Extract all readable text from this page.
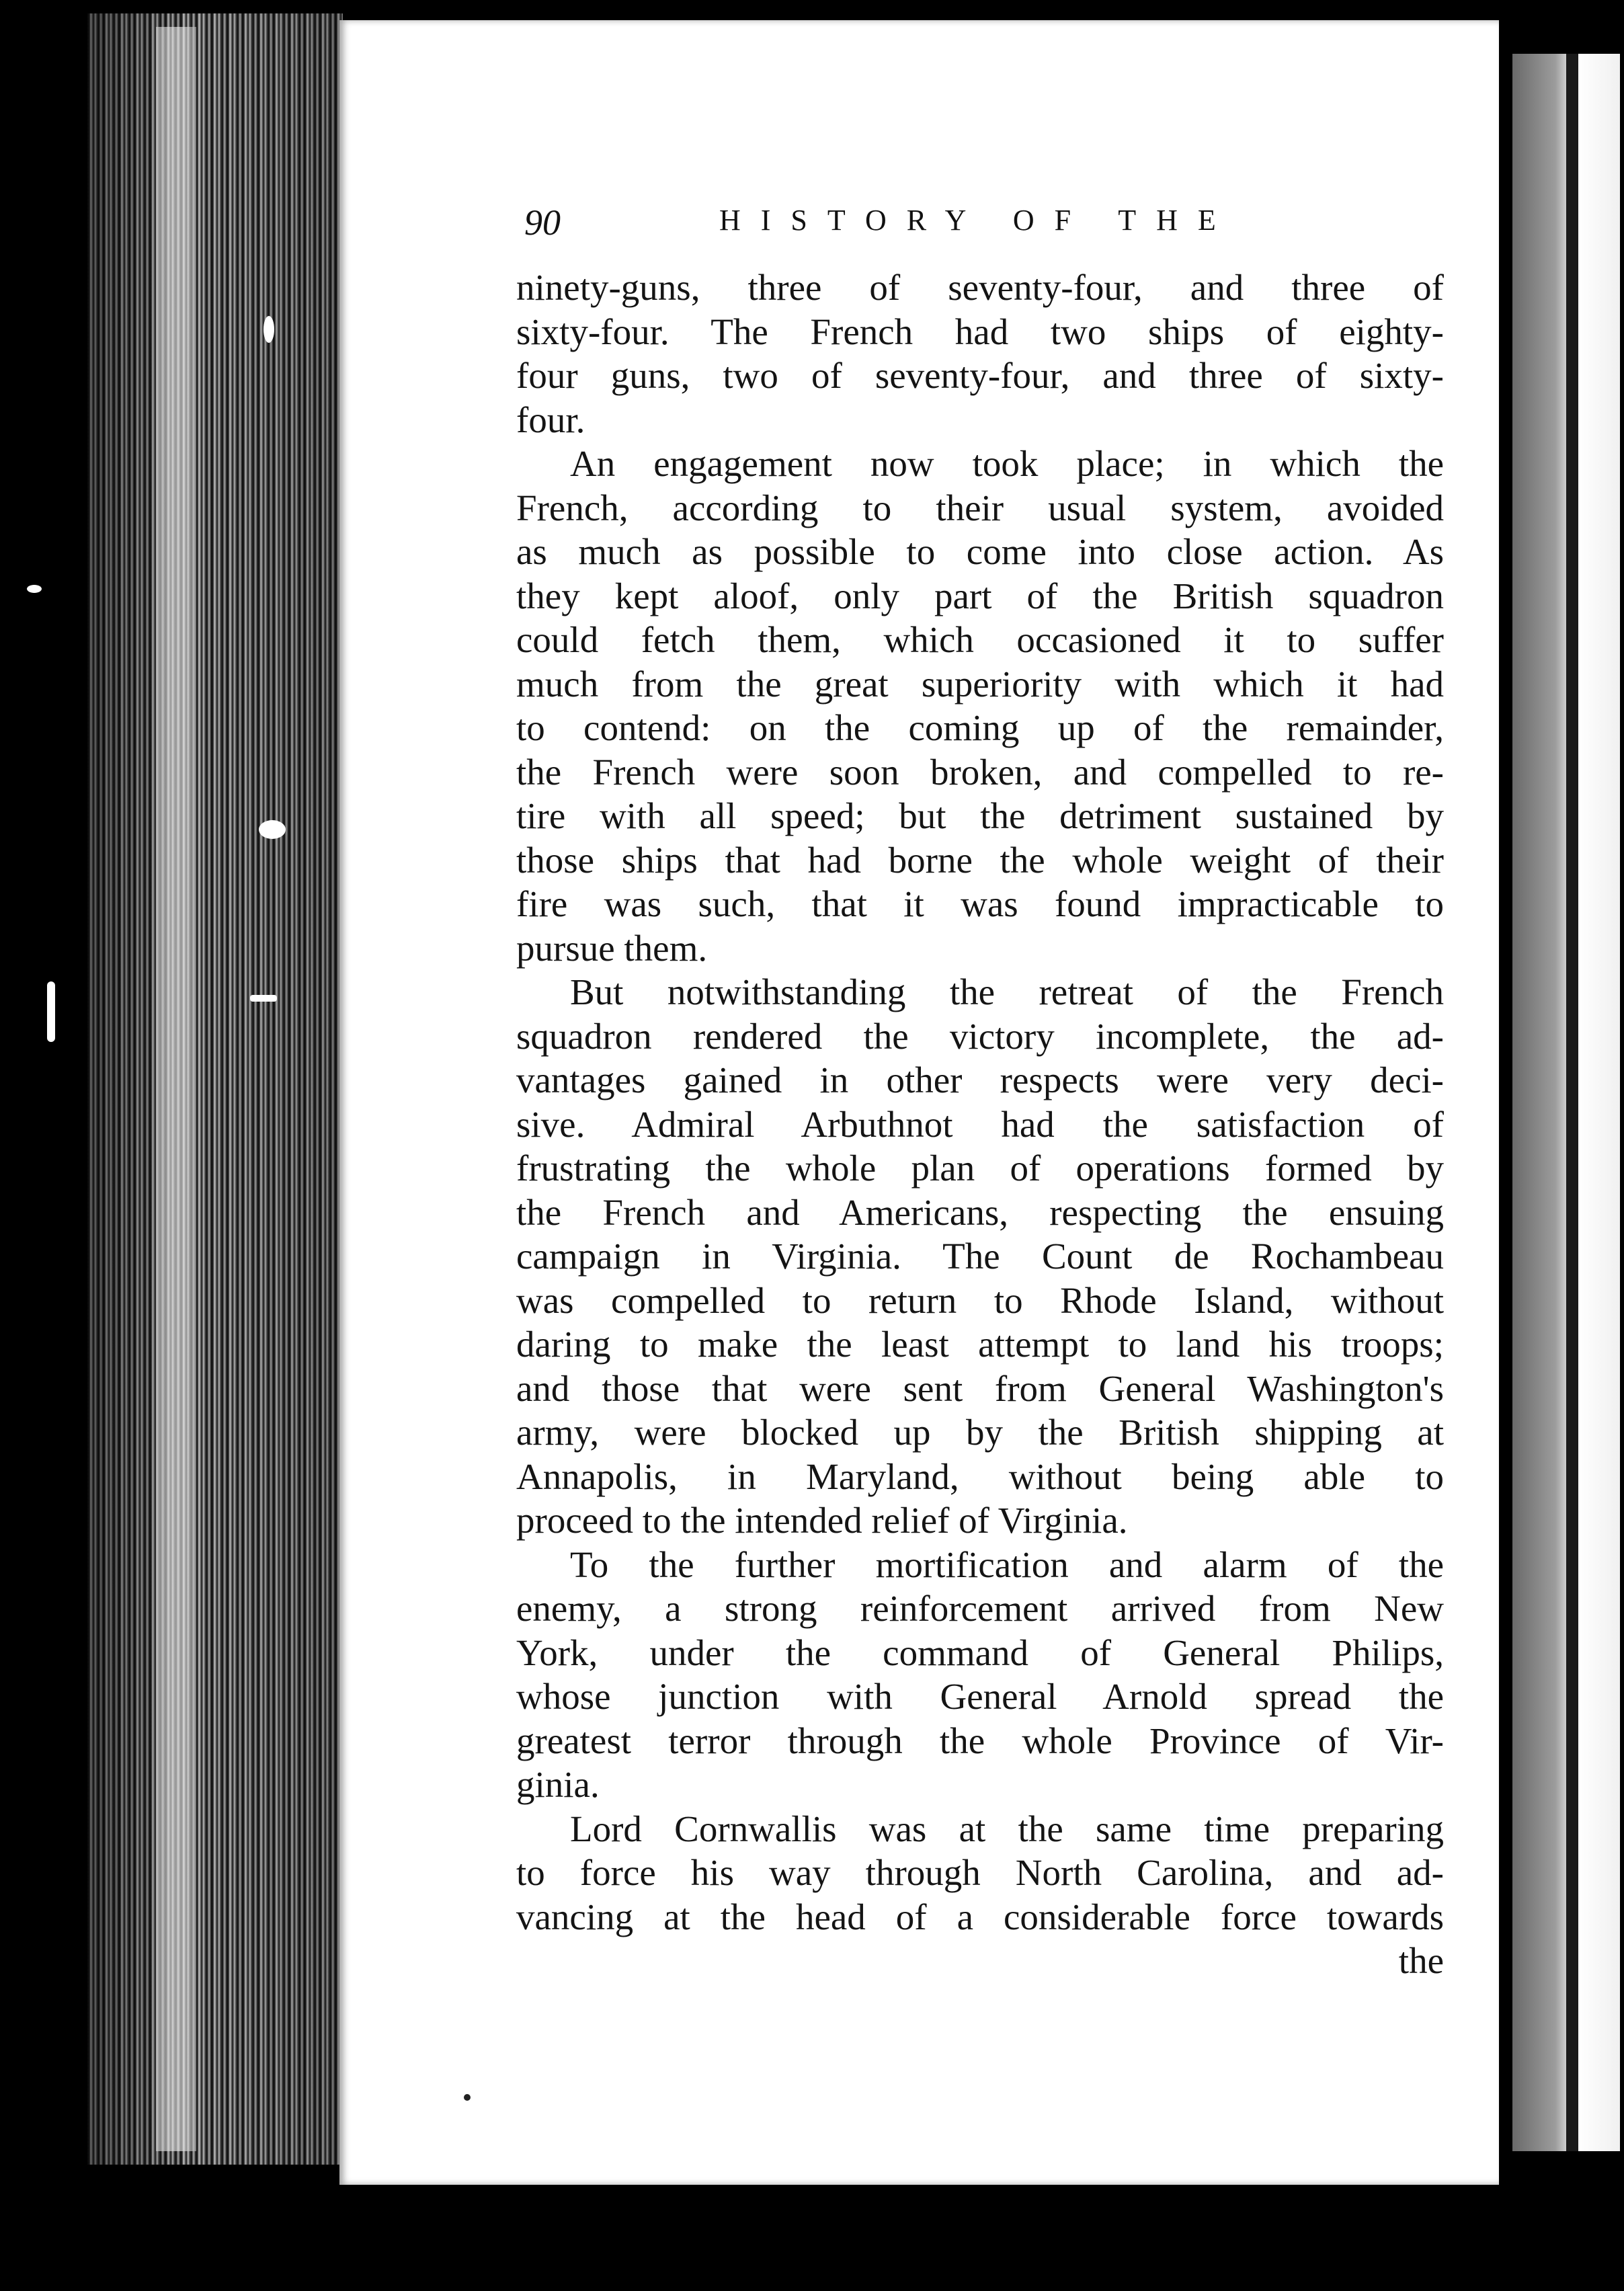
90	HISTORY OF THE
ninety-guns, three of seventy-four, and three of
sixty-four. The French had two ships of eighty-
four guns, two of seventy-four, and three of sixty-
four.
An engagement now took place; in which the
French, according to their usual system, avoided
as much as possible to come into close action. As
they kept aloof, only part of the British squadron
could fetch them, which occasioned it to suffer
much from the great superiority with which it had
to contend: on the coming up of the remainder,
the French were soon broken, and compelled to re-
tire with all speed; but the detriment sustained by
those ships that had borne the whole weight of their
fire was such, that it was found impracticable to
pursue them.
But notwithstanding the retreat of the French
squadron rendered the victory incomplete, the ad-
vantages gained in other respects were very deci-
sive. Admiral Arbuthnot had the satisfaction of
frustrating the whole plan of operations formed by
the French and Americans, respecting the ensuing
campaign in Virginia. The Count de Rochambeau
was compelled to return to Rhode Island, without
daring to make the least attempt to land his troops;
and those that were sent from General Washington's
army, were blocked up by the British shipping at
Annapolis, in Maryland, without being able to
proceed to the intended relief of Virginia.
To the further mortification and alarm of the
enemy, a strong reinforcement arrived from New
York, under the command of General Philips,
whose junction with General Arnold spread the
greatest terror through the whole Province of Vir-
ginia.
Lord Cornwallis was at the same time preparing
to force his way through North Carolina, and ad-
vancing at the head of a considerable force towards
the
